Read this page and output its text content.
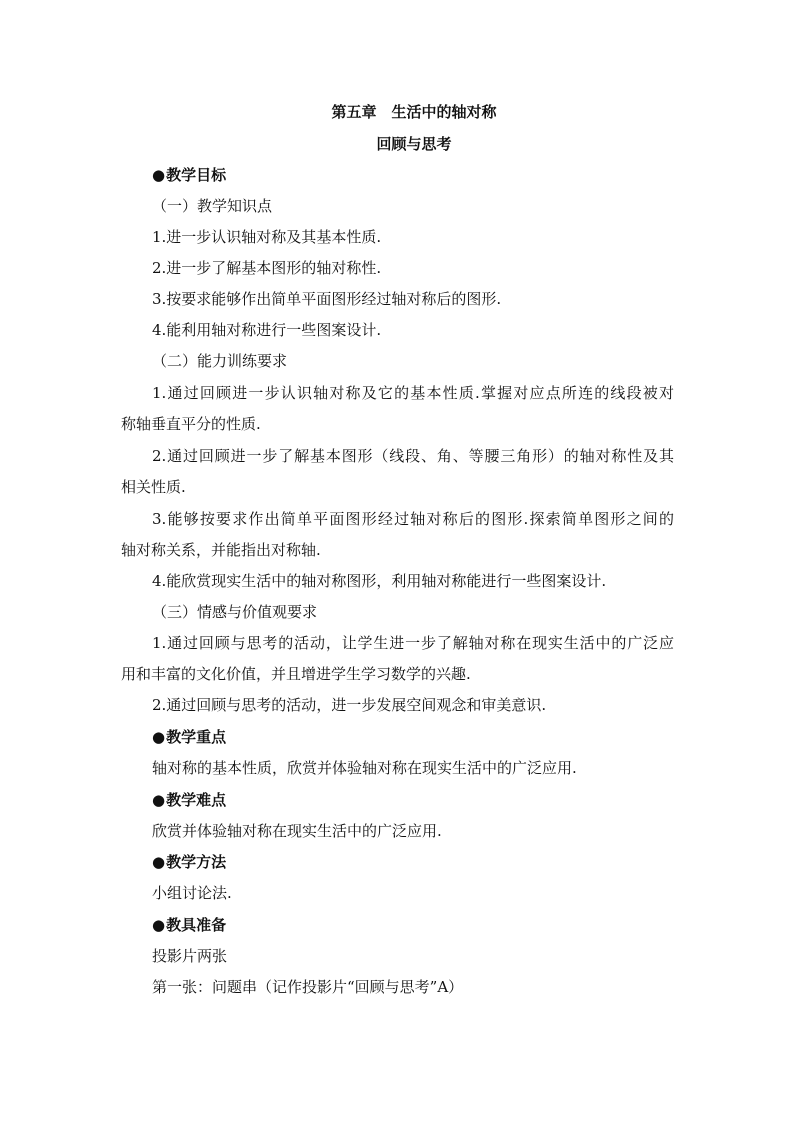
第五章　生活中的轴对称
回顾与思考
●教学目标
（一）教学知识点
1.进一步认识轴对称及其基本性质.
2.进一步了解基本图形的轴对称性.
3.按要求能够作出简单平面图形经过轴对称后的图形.
4.能利用轴对称进行一些图案设计.
（二）能力训练要求
1.通过回顾进一步认识轴对称及它的基本性质.掌握对应点所连的线段被对
称轴垂直平分的性质.
2.通过回顾进一步了解基本图形（线段、角、等腰三角形）的轴对称性及其
相关性质.
3.能够按要求作出简单平面图形经过轴对称后的图形.探索简单图形之间的
轴对称关系，并能指出对称轴.
4.能欣赏现实生活中的轴对称图形，利用轴对称能进行一些图案设计.
（三）情感与价值观要求
1.通过回顾与思考的活动，让学生进一步了解轴对称在现实生活中的广泛应
用和丰富的文化价值，并且增进学生学习数学的兴趣.
2.通过回顾与思考的活动，进一步发展空间观念和审美意识.
●教学重点
轴对称的基本性质，欣赏并体验轴对称在现实生活中的广泛应用.
●教学难点
欣赏并体验轴对称在现实生活中的广泛应用.
●教学方法
小组讨论法.
●教具准备
投影片两张
第一张：问题串（记作投影片“回顾与思考”A）
